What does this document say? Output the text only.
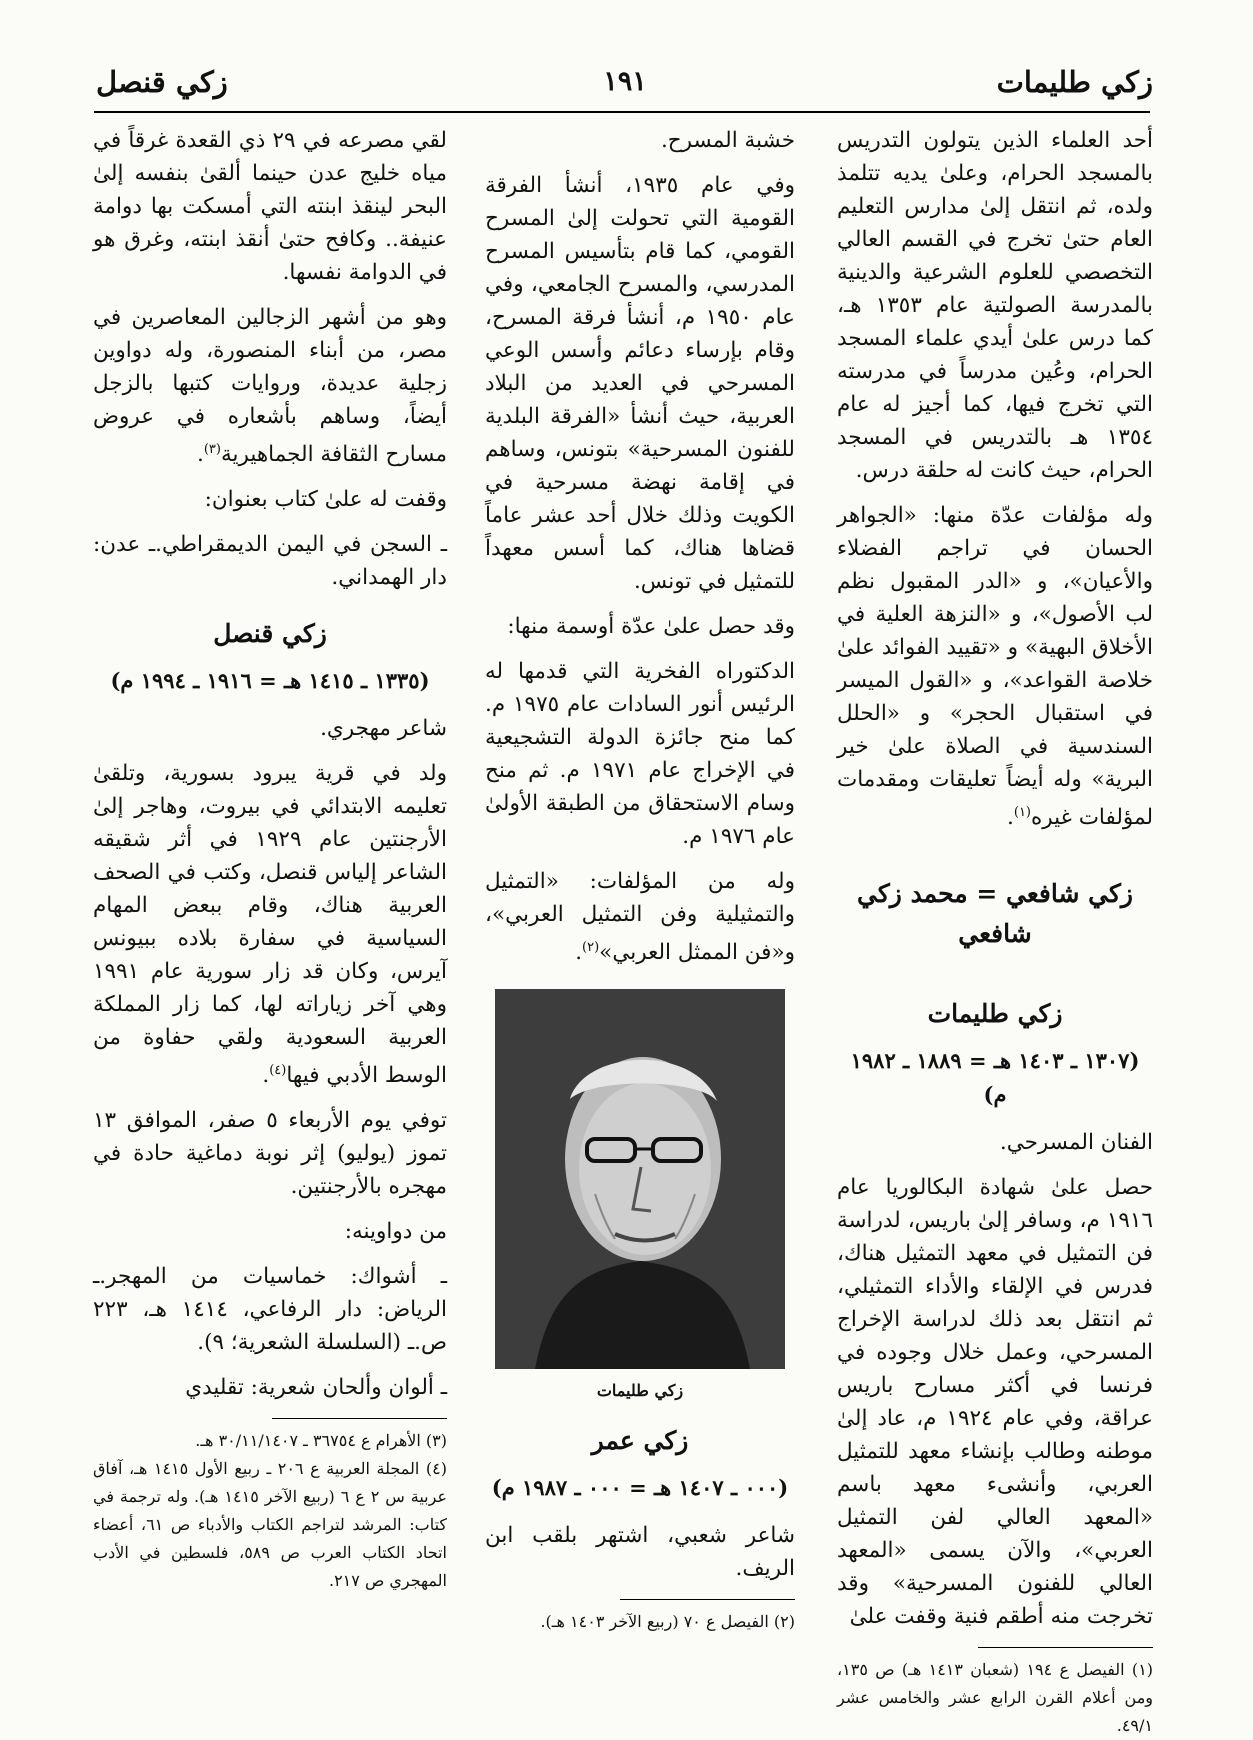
زكي طليمات
١٩١
زكي قنصل

أحد العلماء الذين يتولون التدريس بالمسجد الحرام، وعلىٰ يديه تتلمذ ولده، ثم انتقل إلىٰ مدارس التعليم العام حتىٰ تخرج في القسم العالي التخصصي للعلوم الشرعية والدينية بالمدرسة الصولتية عام ١٣٥٣ هـ، كما درس علىٰ أيدي علماء المسجد الحرام، وعُين مدرساً في مدرسته التي تخرج فيها، كما أجيز له عام ١٣٥٤ هـ بالتدريس في المسجد الحرام، حيث كانت له حلقة درس.

وله مؤلفات عدّة منها: «الجواهر الحسان في تراجم الفضلاء والأعيان»، و «الدر المقبول نظم لب الأصول»، و «النزهة العلية في الأخلاق البهية» و «تقييد الفوائد علىٰ خلاصة القواعد»، و «القول الميسر في استقبال الحجر» و «الحلل السندسية في الصلاة علىٰ خير البرية» وله أيضاً تعليقات ومقدمات لمؤلفات غيره$^{(١)}$.

زكي شافعي = محمد زكي شافعي
زكي طليمات
(١٣٠٧ ـ ١٤٠٣ هـ = ١٨٨٩ ـ ١٩٨٢ م)

الفنان المسرحي.

حصل علىٰ شهادة البكالوريا عام ١٩١٦ م، وسافر إلىٰ باريس، لدراسة فن التمثيل في معهد التمثيل هناك، فدرس في الإلقاء والأداء التمثيلي، ثم انتقل بعد ذلك لدراسة الإخراج المسرحي، وعمل خلال وجوده في فرنسا في أكثر مسارح باريس عراقة، وفي عام ١٩٢٤ م، عاد إلىٰ موطنه وطالب بإنشاء معهد للتمثيل العربي، وأنشىء معهد باسم «المعهد العالي لفن التمثيل العربي»، والآن يسمى «المعهد العالي للفنون المسرحية» وقد تخرجت منه أطقم فنية وقفت علىٰ

(١) الفيصل ع ١٩٤ (شعبان ١٤١٣ هـ) ص ١٣٥، ومن أعلام القرن الرابع عشر والخامس عشر ٤٩/١.

خشبة المسرح.

وفي عام ١٩٣٥، أنشأ الفرقة القومية التي تحولت إلىٰ المسرح القومي، كما قام بتأسيس المسرح المدرسي، والمسرح الجامعي، وفي عام ١٩٥٠ م، أنشأ فرقة المسرح، وقام بإرساء دعائم وأسس الوعي المسرحي في العديد من البلاد العربية، حيث أنشأ «الفرقة البلدية للفنون المسرحية» بتونس، وساهم في إقامة نهضة مسرحية في الكويت وذلك خلال أحد عشر عاماً قضاها هناك، كما أسس معهداً للتمثيل في تونس.

وقد حصل علىٰ عدّة أوسمة منها:

الدكتوراه الفخرية التي قدمها له الرئيس أنور السادات عام ١٩٧٥ م. كما منح جائزة الدولة التشجيعية في الإخراج عام ١٩٧١ م. ثم منح وسام الاستحقاق من الطبقة الأولىٰ عام ١٩٧٦ م.

وله من المؤلفات: «التمثيل والتمثيلية وفن التمثيل العربي»، و«فن الممثل العربي»$^{(٢)}$.

زكي طليمات
زكي عمر
(٠٠٠ ـ ١٤٠٧ هـ = ٠٠٠ ـ ١٩٨٧ م)

شاعر شعبي، اشتهر بلقب ابن الريف.

(٢) الفيصل ع ٧٠ (ربيع الآخر ١٤٠٣ هـ).

لقي مصرعه في ٢٩ ذي القعدة غرقاً في مياه خليج عدن حينما ألقىٰ بنفسه إلىٰ البحر لينقذ ابنته التي أمسكت بها دوامة عنيفة.. وكافح حتىٰ أنقذ ابنته، وغرق هو في الدوامة نفسها.

وهو من أشهر الزجالين المعاصرين في مصر، من أبناء المنصورة، وله دواوين زجلية عديدة، وروايات كتبها بالزجل أيضاً، وساهم بأشعاره في عروض مسارح الثقافة الجماهيرية$^{(٣)}$.

وقفت له علىٰ كتاب بعنوان:

ـ السجن في اليمن الديمقراطي.ـ عدن: دار الهمداني.

زكي قنصل
(١٣٣٥ ـ ١٤١٥ هـ = ١٩١٦ ـ ١٩٩٤ م)

شاعر مهجري.

ولد في قرية يبرود بسورية، وتلقىٰ تعليمه الابتدائي في بيروت، وهاجر إلىٰ الأرجنتين عام ١٩٢٩ في أثر شقيقه الشاعر إلياس قنصل، وكتب في الصحف العربية هناك، وقام ببعض المهام السياسية في سفارة بلاده ببيونس آيرس، وكان قد زار سورية عام ١٩٩١ وهي آخر زياراته لها، كما زار المملكة العربية السعودية ولقي حفاوة من الوسط الأدبي فيها$^{(٤)}$.

توفي يوم الأربعاء ٥ صفر، الموافق ١٣ تموز (يوليو) إثر نوبة دماغية حادة في مهجره بالأرجنتين.

من دواوينه:

ـ أشواك: خماسيات من المهجر.ـ الرياض: دار الرفاعي، ١٤١٤ هـ، ٢٢٣ ص.ـ (السلسلة الشعرية؛ ٩).

ـ ألوان وألحان شعرية: تقليدي

(٣) الأهرام ع ٣٦٧٥٤ ـ ٣٠/١١/١٤٠٧ هـ.
(٤) المجلة العربية ع ٢٠٦ ـ ربيع الأول ١٤١٥ هـ، آفاق عربية س ٢ ع ٦ (ربيع الآخر ١٤١٥ هـ). وله ترجمة في كتاب: المرشد لتراجم الكتاب والأدباء ص ٦١، أعضاء اتحاد الكتاب العرب ص ٥٨٩، فلسطين في الأدب المهجري ص ٢١٧.
